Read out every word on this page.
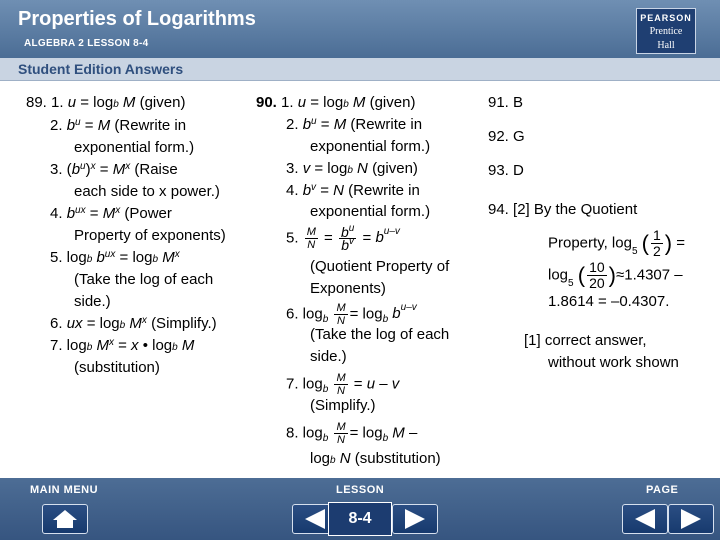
Properties of Logarithms
ALGEBRA 2 LESSON 8-4
PEARSON
Prentice
Hall
Student Edition Answers
89. 1. $u = \log_b M$ (given)
2. $b^u = M$ (Rewrite in
exponential form.)
3. $(b^u)^x = M^x$ (Raise
each side to x power.)
4. $b^{ux} = M^x$ (Power
Property of exponents)
5. $\log_b b^{ux} = \log_b M^x$
(Take the log of each
side.)
6. ux = $\log_b M^x$ (Simplify.)
7. $\log_b M^x = x$ • $\log_b M$
(substitution)
90. 1. $u = \log_b M$ (given)
2. $b^u = M$ (Rewrite in
exponential form.)
3. $v = \log_b N$ (given)
4. $b^v = N$ (Rewrite in
exponential form.)
5. $\frac{M}{N} = \frac{b^u}{b^v} = b^{u-v}$
(Quotient Property of
Exponents)
6. $\log_b \frac{M}{N} = \log_b b^{u-v}$
(Take the log of each
side.)
7. $\log_b \frac{M}{N} = u - v$
(Simplify.)
8. $\log_b \frac{M}{N} = \log_b M$ –
$\log_b N$ (substitution)
91. B
92. G
93. D
94. [2] By the Quotient
Property, $\log_5$ ( $\frac{1}{2}$ ) =
$\log_5$ ( $\frac{10}{20} )\approx 1.4307$ –
1.8614 = –0.4307.
[1] correct answer,
without work shown
MAIN MENU	LESSON
8-4
PAGE
